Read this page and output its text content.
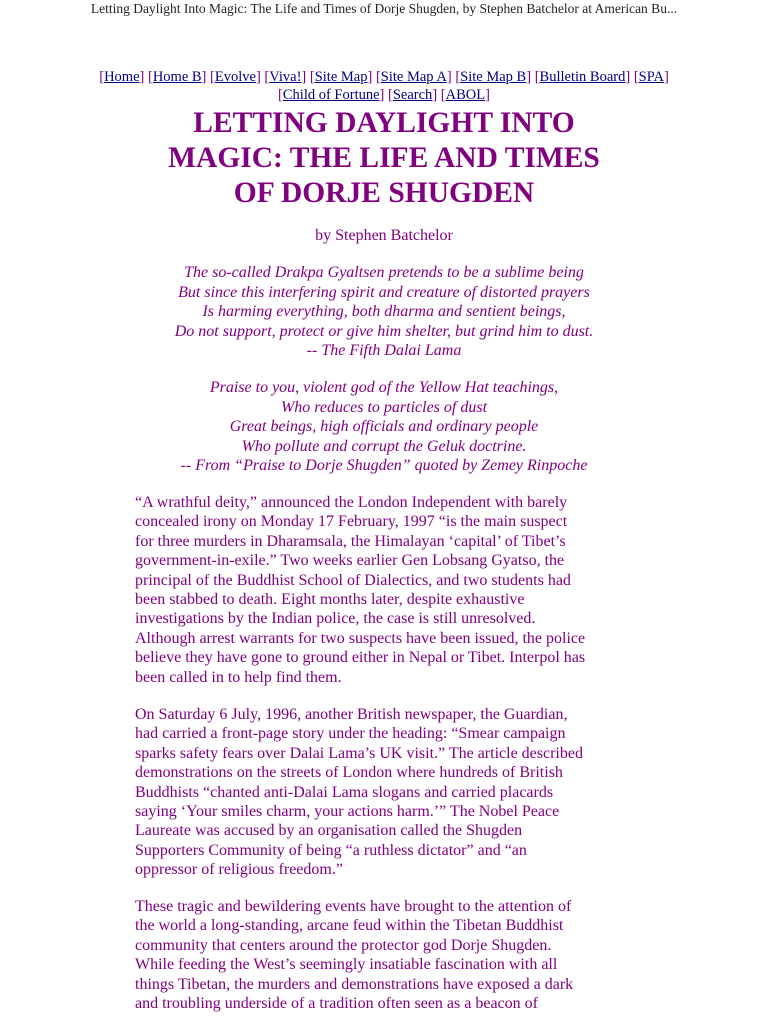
Letting Daylight Into Magic: The Life and Times of Dorje Shugden, by Stephen Batchelor at American Bu...
[Home] [Home B] [Evolve] [Viva!] [Site Map] [Site Map A] [Site Map B] [Bulletin Board] [SPA]
[Child of Fortune] [Search] [ABOL]
LETTING DAYLIGHT INTO
MAGIC: THE LIFE AND TIMES
OF DORJE SHUGDEN
by Stephen Batchelor
The so-called Drakpa Gyaltsen pretends to be a sublime being
But since this interfering spirit and creature of distorted prayers
Is harming everything, both dharma and sentient beings,
Do not support, protect or give him shelter, but grind him to dust.
-- The Fifth Dalai Lama
Praise to you, violent god of the Yellow Hat teachings,
Who reduces to particles of dust
Great beings, high officials and ordinary people
Who pollute and corrupt the Geluk doctrine.
-- From “Praise to Dorje Shugden” quoted by Zemey Rinpoche
“A wrathful deity,” announced the London Independent with barely
concealed irony on Monday 17 February, 1997 “is the main suspect
for three murders in Dharamsala, the Himalayan ‘capital’ of Tibet’s
government-in-exile.” Two weeks earlier Gen Lobsang Gyatso, the
principal of the Buddhist School of Dialectics, and two students had
been stabbed to death. Eight months later, despite exhaustive
investigations by the Indian police, the case is still unresolved.
Although arrest warrants for two suspects have been issued, the police
believe they have gone to ground either in Nepal or Tibet. Interpol has
been called in to help find them.
On Saturday 6 July, 1996, another British newspaper, the Guardian,
had carried a front-page story under the heading: “Smear campaign
sparks safety fears over Dalai Lama’s UK visit.” The article described
demonstrations on the streets of London where hundreds of British
Buddhists “chanted anti-Dalai Lama slogans and carried placards
saying ‘Your smiles charm, your actions harm.’” The Nobel Peace
Laureate was accused by an organisation called the Shugden
Supporters Community of being “a ruthless dictator” and “an
oppressor of religious freedom.”
These tragic and bewildering events have brought to the attention of
the world a long-standing, arcane feud within the Tibetan Buddhist
community that centers around the protector god Dorje Shugden.
While feeding the West’s seemingly insatiable fascination with all
things Tibetan, the murders and demonstrations have exposed a dark
and troubling underside of a tradition often seen as a beacon of
